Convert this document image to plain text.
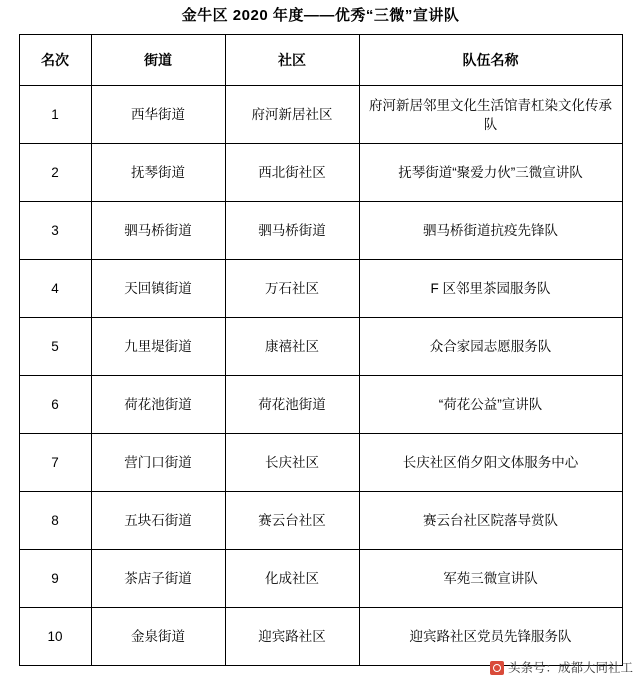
金牛区 2020 年度——优秀“三微”宣讲队
名次	街道	社区	队伍名称
1	西华街道	府河新居社区	府河新居邻里文化生活馆青杠染文化传承队
2	抚琴街道	西北街社区	抚琴街道“聚爱力伙”三微宣讲队
3	驷马桥街道	驷马桥街道	驷马桥街道抗疫先锋队
4	天回镇街道	万石社区	F 区邻里茶园服务队
5	九里堤街道	康禧社区	众合家园志愿服务队
6	荷花池街道	荷花池街道	“荷花公益”宣讲队
7	营门口街道	长庆社区	长庆社区俏夕阳文体服务中心
8	五块石街道	赛云台社区	赛云台社区院落导赏队
9	茶店子街道	化成社区	军苑三微宣讲队
10	金泉街道	迎宾路社区	迎宾路社区党员先锋服务队
头条号：成都大同社工
